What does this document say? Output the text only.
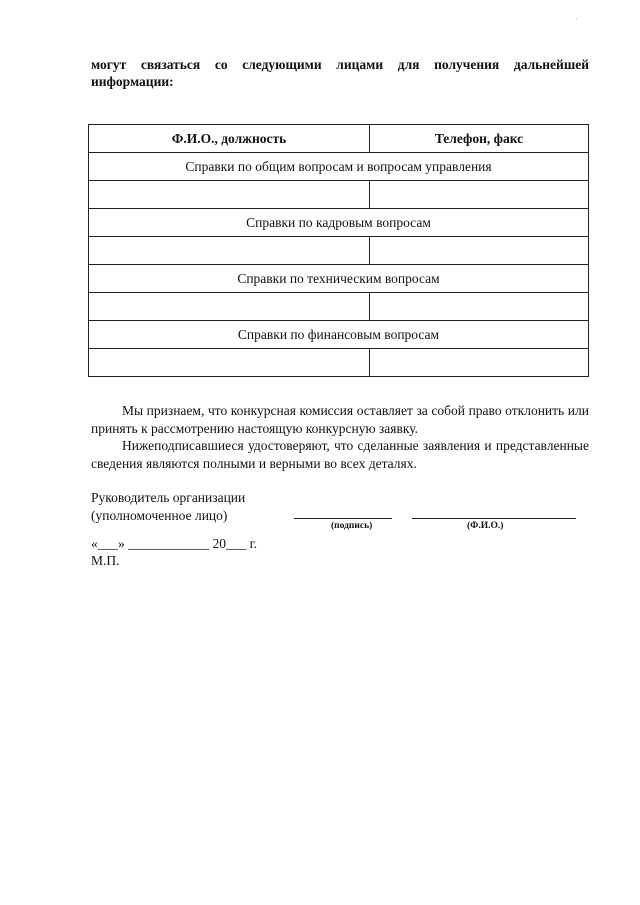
·
могут связаться со следующими лицами для получения дальнейшей информации:
Ф.И.О., должность	Телефон, факс
Справки по общим вопросам и вопросам управления	

Справки по кадровым вопросам	

Справки по техническим вопросам	

Справки по финансовым вопросам	

Мы признаем, что конкурсная комиссия оставляет за собой право отклонить или принять к рассмотрению настоящую конкурсную заявку.
Нижеподписавшиеся удостоверяют, что сделанные заявления и представленные сведения являются полными и верными во всех деталях.
Руководитель организации
(уполномоченное лицо)
(подпись)	(Ф.И.О.)
«___» ____________ 20___ г.
М.П.
